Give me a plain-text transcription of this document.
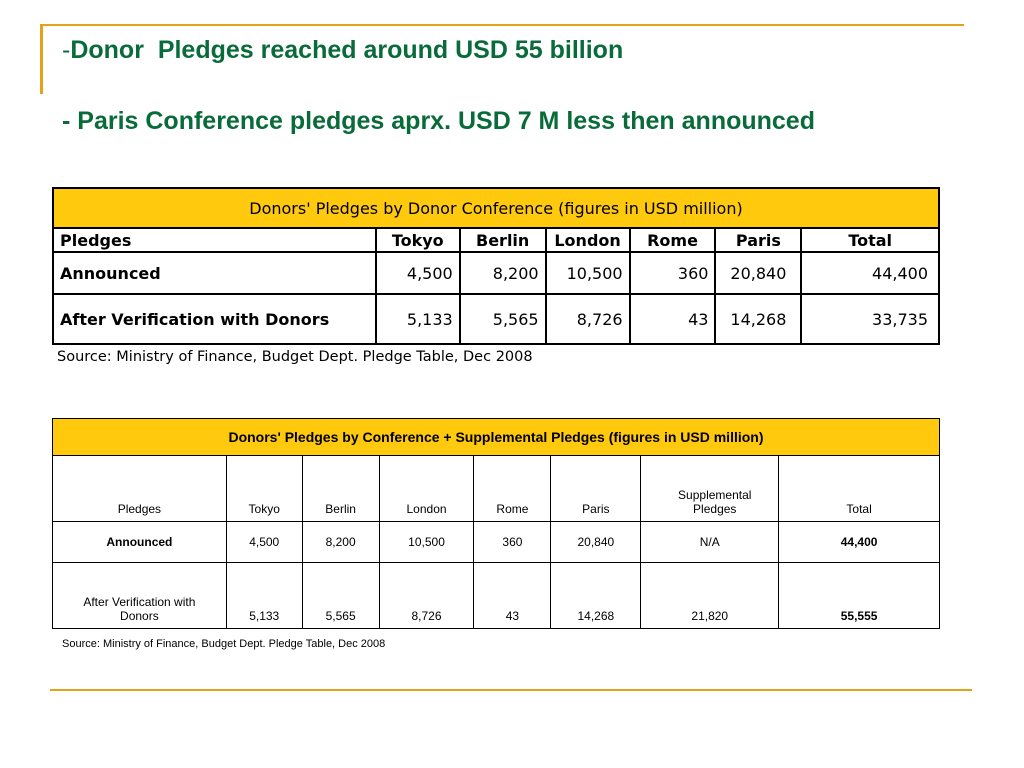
-Donor  Pledges reached around USD 55 billion

- Paris Conference pledges aprx. USD 7 M less then announced

Donors' Pledges by Donor Conference (figures in USD million)						
Pledges	Tokyo	Berlin	London	Rome	Paris	Total
Announced	4,500	8,200	10,500	360	20,840	44,400
After Verification with Donors	5,133	5,565	8,726	43	14,268	33,735

Source: Ministry of Finance, Budget Dept. Pledge Table, Dec 2008

Donors' Pledges by Conference + Supplemental Pledges (figures in USD million)							
Pledges	Tokyo	Berlin	London	Rome	Paris	Supplemental Pledges	Total
Announced	4,500	8,200	10,500	360	20,840	N/A	44,400
After Verification with Donors	5,133	5,565	8,726	43	14,268	21,820	55,555

Source: Ministry of Finance, Budget Dept. Pledge Table, Dec 2008
